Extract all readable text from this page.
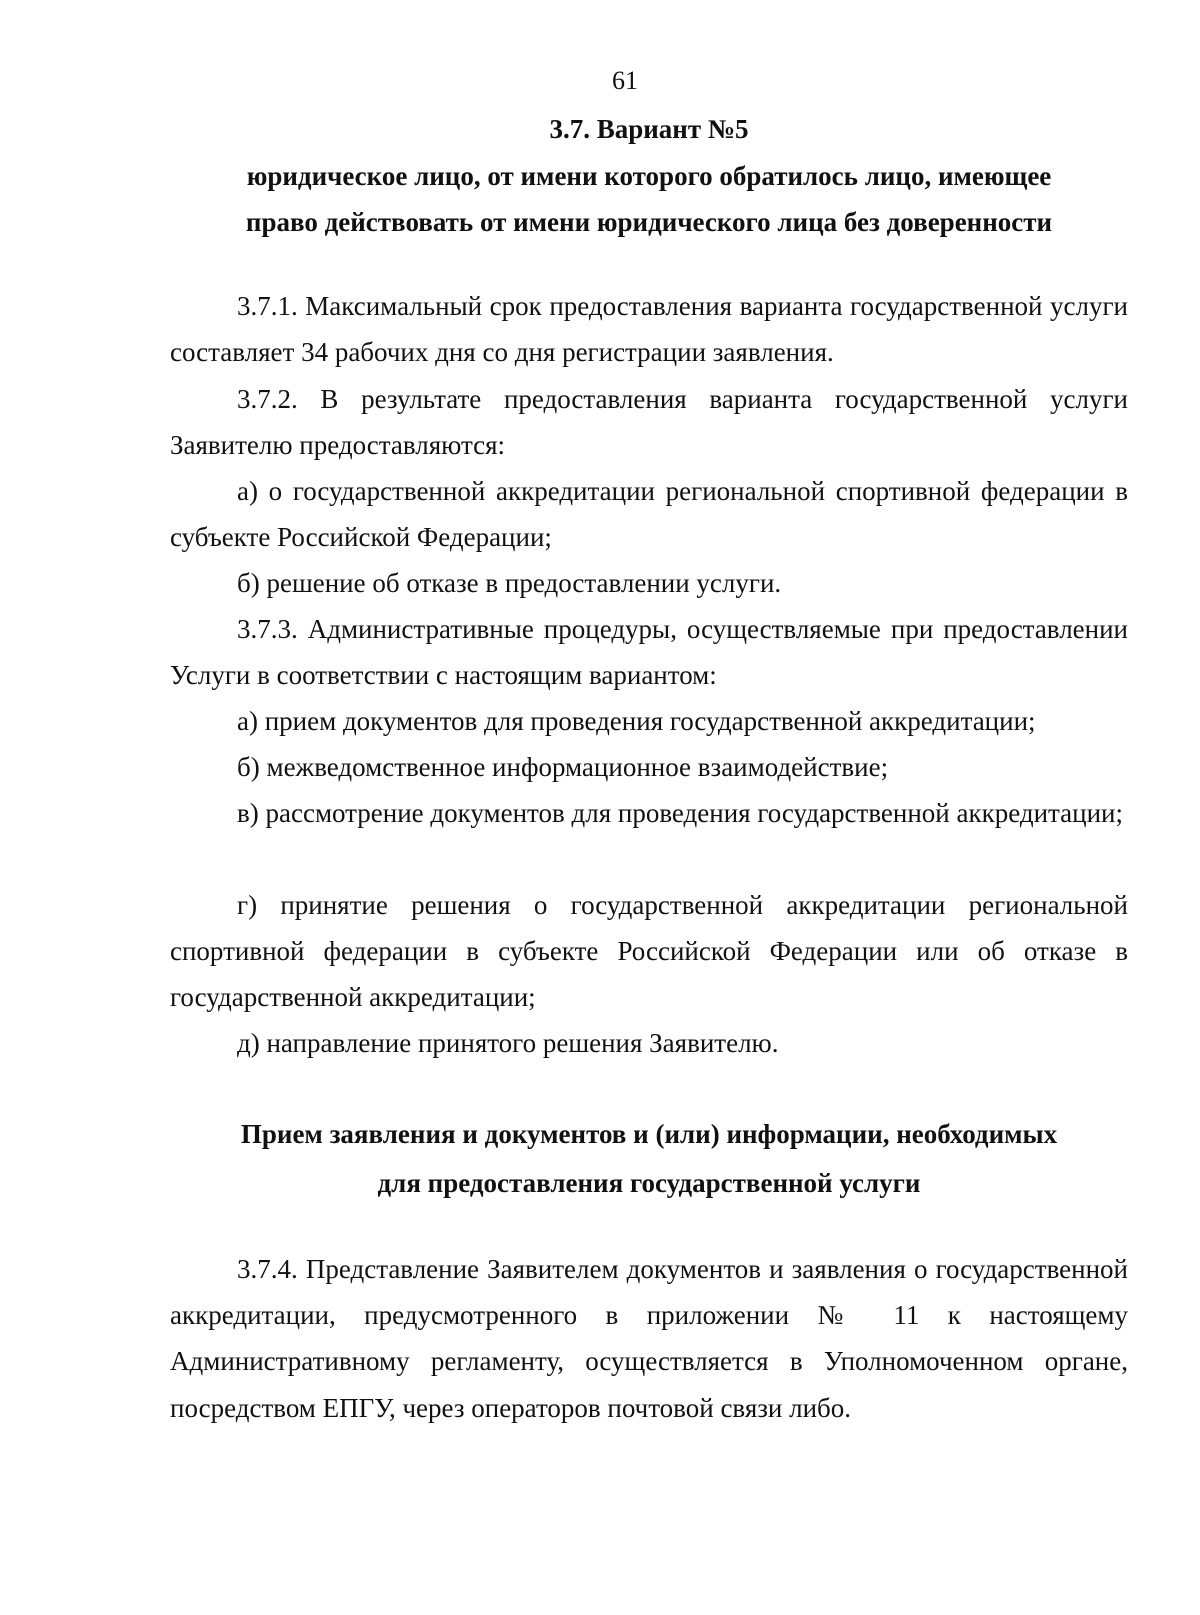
61
3.7. Вариант №5
юридическое лицо, от имени которого обратилось лицо, имеющее
право действовать от имени юридического лица без доверенности
3.7.1. Максимальный срок предоставления варианта государственной услуги составляет 34 рабочих дня со дня регистрации заявления.
3.7.2. В результате предоставления варианта государственной услуги Заявителю предоставляются:
а) о государственной аккредитации региональной спортивной федерации в субъекте Российской Федерации;
б) решение об отказе в предоставлении услуги.
3.7.3. Административные процедуры, осуществляемые при предоставлении Услуги в соответствии с настоящим вариантом:
а) прием документов для проведения государственной аккредитации;
б) межведомственное информационное взаимодействие;
в) рассмотрение документов для проведения государственной аккредитации;
г) принятие решения о государственной аккредитации региональной спортивной федерации в субъекте Российской Федерации или об отказе в государственной аккредитации;
д) направление принятого решения Заявителю.
Прием заявления и документов и (или) информации, необходимых
для предоставления государственной услуги
3.7.4. Представление Заявителем документов и заявления о государственной аккредитации, предусмотренного в приложении № 11 к настоящему Административному регламенту, осуществляется в Уполномоченном органе, посредством ЕПГУ, через операторов почтовой связи либо.
